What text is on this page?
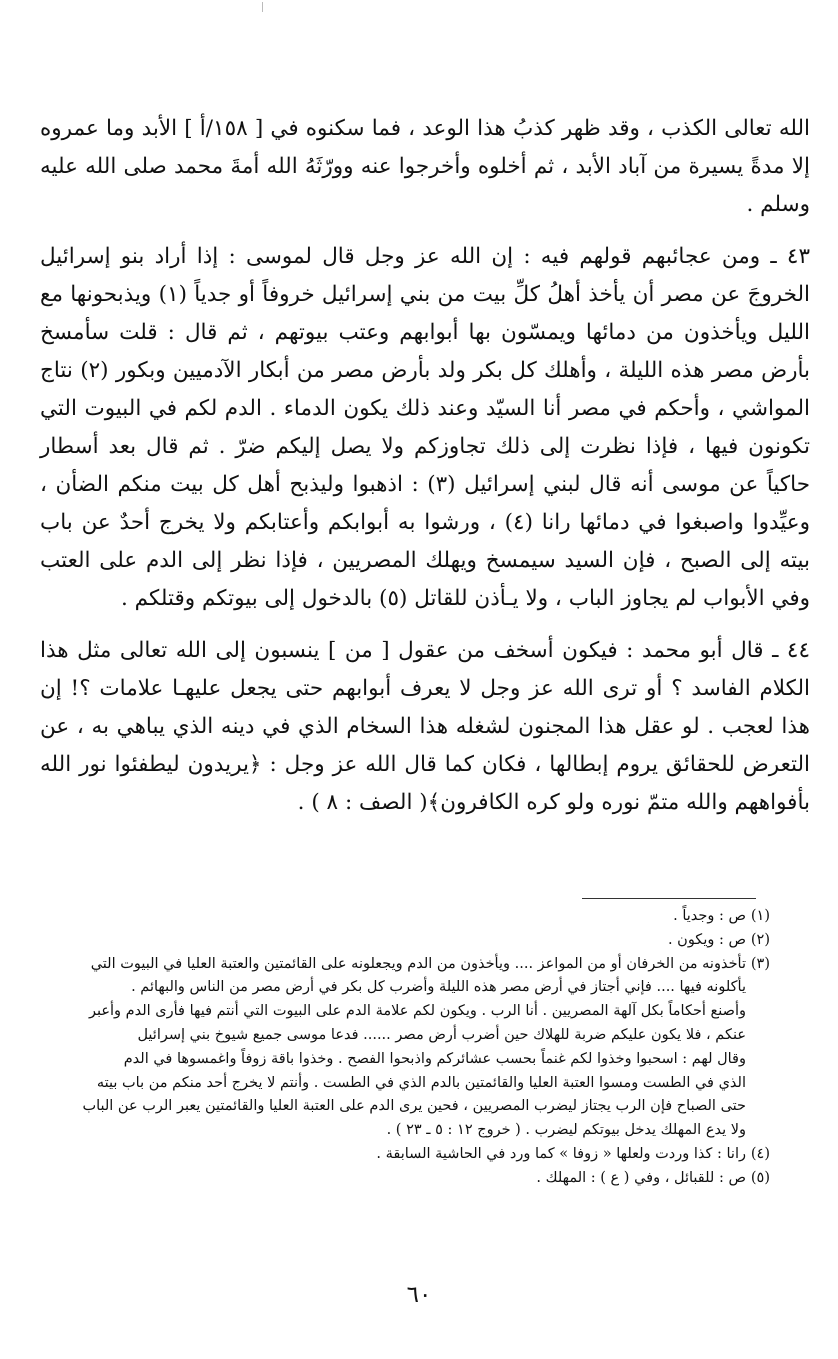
الله تعالى الكذب ، وقد ظهر كذبُ هذا الوعد ، فما سكنوه في [ ١٥٨/أ ] الأبد وما عمروه إلا مدةً يسيرة من آباد الأبد ، ثم أخلوه وأخرجوا عنه وورّثَهُ الله أمةَ محمد صلى الله عليه وسلم .

٤٣ ـ ومن عجائبهم قولهم فيه : إن الله عز وجل قال لموسى : إذا أراد بنو إسرائيل الخروجَ عن مصر أن يأخذ أهلُ كلِّ بيت من بني إسرائيل خروفاً أو جدياً (١) ويذبحونها مع الليل ويأخذون من دمائها ويمسّون بها أبوابهم وعتب بيوتهم ، ثم قال : قلت سأمسخ بأرض مصر هذه الليلة ، وأهلك كل بكر ولد بأرض مصر من أبكار الآدميين وبكور (٢) نتاج المواشي ، وأحكم في مصر أنا السيّد وعند ذلك يكون الدماء . الدم لكم في البيوت التي تكونون فيها ، فإذا نظرت إلى ذلك تجاوزكم ولا يصل إليكم ضرّ . ثم قال بعد أسطار حاكياً عن موسى أنه قال لبني إسرائيل (٣) : اذهبوا وليذبح أهل كل بيت منكم الضأن ، وعيِّدوا واصبغوا في دمائها رانا (٤) ، ورشوا به أبوابكم وأعتابكم ولا يخرج أحدٌ عن باب بيته إلى الصبح ، فإن السيد سيمسخ ويهلك المصريين ، فإذا نظر إلى الدم على العتب وفي الأبواب لم يجاوز الباب ، ولا يـأذن للقاتل (٥) بالدخول إلى بيوتكم وقتلكم .

٤٤ ـ قال أبو محمد : فيكون أسخف من عقول [ من ] ينسبون إلى الله تعالى مثل هذا الكلام الفاسد ؟ أو ترى الله عز وجل لا يعرف أبوابهم حتى يجعل عليهـا علامات ؟! إن هذا لعجب . لو عقل هذا المجنون لشغله هذا السخام الذي في دينه الذي يباهي به ، عن التعرض للحقائق يروم إبطالها ، فكان كما قال الله عز وجل : ﴿يريدون ليطفئوا نور الله بأفواههم والله متمّ نوره ولو كره الكافرون﴾( الصف : ٨ ) .

(١)
ص : وجدياً .
(٢)
ص : ويكون .
(٣)
تأخذونه من الخرفان أو من المواعز .... ويأخذون من الدم ويجعلونه على القائمتين والعتبة العليا في البيوت التي
يأكلونه فيها .... فإني أجتاز في أرض مصر هذه الليلة وأضرب كل بكر في أرض مصر من الناس والبهائم .
وأصنع أحكاماً بكل آلهة المصريين . أنا الرب . ويكون لكم علامة الدم على البيوت التي أنتم فيها فأرى الدم وأعبر
عنكم ، فلا يكون عليكم ضربة للهلاك حين أضرب أرض مصر ...... فدعا موسى جميع شيوخ بني إسرائيل
وقال لهم : اسحبوا وخذوا لكم غنماً بحسب عشائركم واذبحوا الفصح . وخذوا باقة زوفاً واغمسوها في الدم
الذي في الطست ومسوا العتبة العليا والقائمتين بالدم الذي في الطست . وأنتم لا يخرج أحد منكم من باب بيته
حتى الصباح فإن الرب يجتاز ليضرب المصريين ، فحين يرى الدم على العتبة العليا والقائمتين يعبر الرب عن الباب
ولا يدع المهلك يدخل بيوتكم ليضرب . ( خروج ١٢ : ٥ ـ ٢٣ ) .
(٤)
رانا : كذا وردت ولعلها « زوفا » كما ورد في الحاشية السابقة .
(٥)
ص : للقبائل ، وفي ( ع ) : المهلك .
٦٠
